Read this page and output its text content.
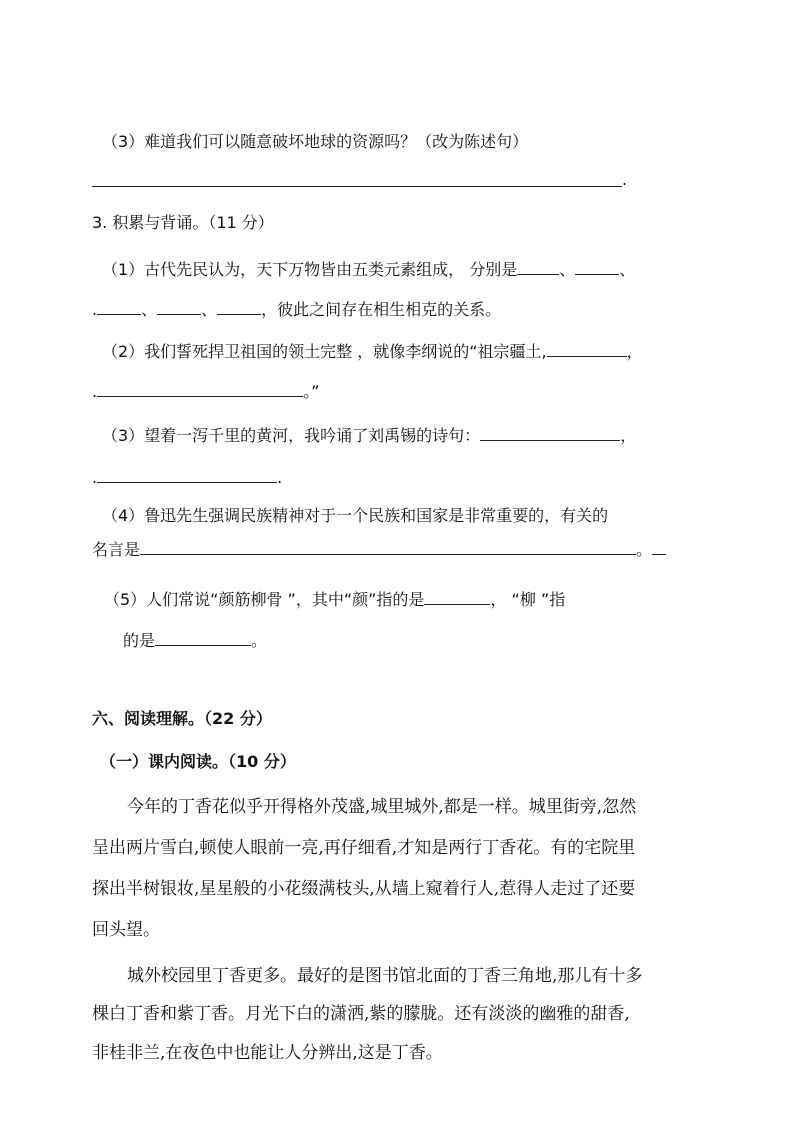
（3）难道我们可以随意破坏地球的资源吗？（改为陈述句）
.
3. 积累与背诵。（11 分）
（1）古代先民认为，天下万物皆由五类元素组成， 分别是	、	、
.	、	、	，彼此之间存在相生相克的关系。
（2）我们誓死捍卫祖国的领土完整 ，就像李纲说的“祖宗疆土,	，
.	。”
（3）望着一泻千里的黄河，我吟诵了刘禹锡的诗句：	，
.	.
（4）鲁迅先生强调民族精神对于一个民族和国家是非常重要的，有关的
名言是	。
（5）人们常说“颜筋柳骨 ”，其中“颜”指的是	， “柳 ”指
的是	。
六、阅读理解。（22 分）
（一）课内阅读。（10 分）
今年的丁香花似乎开得格外茂盛,城里城外,都是一样。城里街旁,忽然
呈出两片雪白,顿使人眼前一亮,再仔细看,才知是两行丁香花。有的宅院里
探出半树银妆,星星般的小花缀满枝头,从墙上窥着行人,惹得人走过了还要
回头望。
城外校园里丁香更多。最好的是图书馆北面的丁香三角地,那儿有十多
棵白丁香和紫丁香。月光下白的潇洒,紫的朦胧。还有淡淡的幽雅的甜香,
非桂非兰,在夜色中也能让人分辨出,这是丁香。
